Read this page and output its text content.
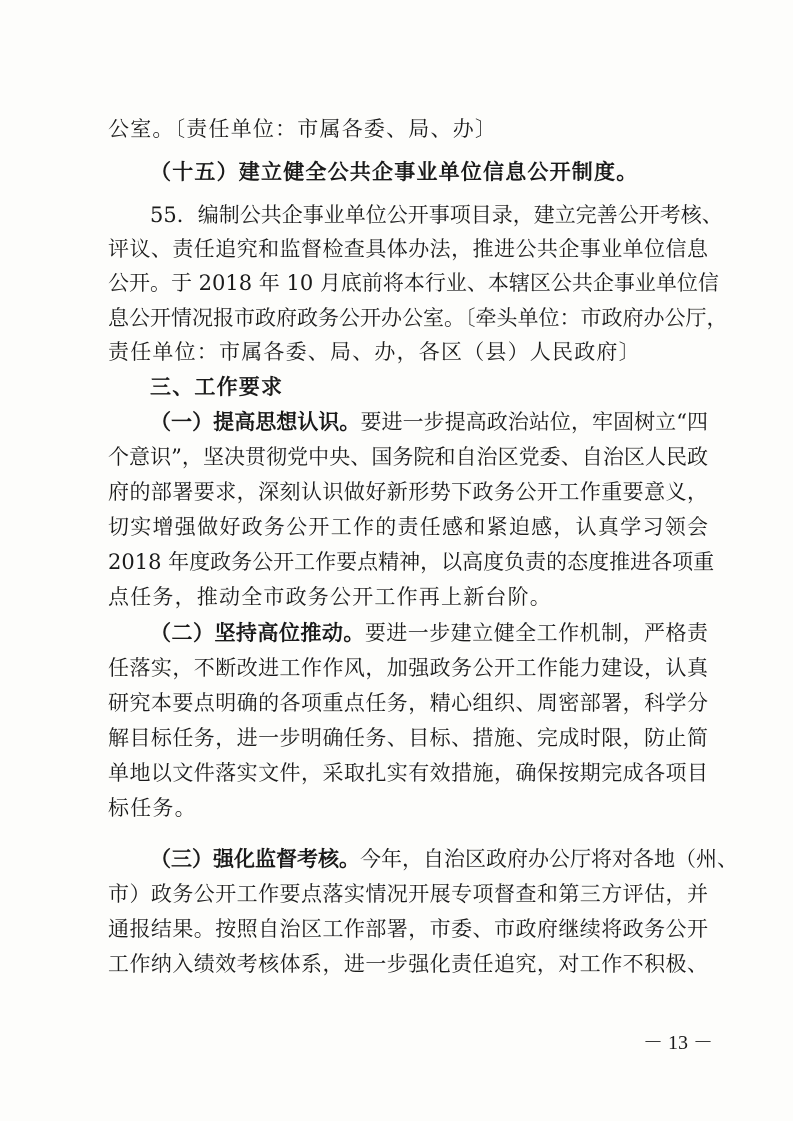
公室。〔责任单位：市属各委、局、办〕
（十五）建立健全公共企事业单位信息公开制度。
55．编制公共企事业单位公开事项目录，建立完善公开考核、
评议、责任追究和监督检查具体办法，推进公共企事业单位信息
公开。于 2018 年 10 月底前将本行业、本辖区公共企事业单位信
息公开情况报市政府政务公开办公室。〔牵头单位：市政府办公厅，
责任单位：市属各委、局、办，各区（县）人民政府〕
三、工作要求
（一）提高思想认识。要进一步提高政治站位，牢固树立“四
个意识”，坚决贯彻党中央、国务院和自治区党委、自治区人民政
府的部署要求，深刻认识做好新形势下政务公开工作重要意义，
切实增强做好政务公开工作的责任感和紧迫感，认真学习领会
2018 年度政务公开工作要点精神，以高度负责的态度推进各项重
点任务，推动全市政务公开工作再上新台阶。
（二）坚持高位推动。要进一步建立健全工作机制，严格责
任落实，不断改进工作作风，加强政务公开工作能力建设，认真
研究本要点明确的各项重点任务，精心组织、周密部署，科学分
解目标任务，进一步明确任务、目标、措施、完成时限，防止简
单地以文件落实文件，采取扎实有效措施，确保按期完成各项目
标任务。
（三）强化监督考核。今年，自治区政府办公厅将对各地（州、
市）政务公开工作要点落实情况开展专项督查和第三方评估，并
通报结果。按照自治区工作部署，市委、市政府继续将政务公开
工作纳入绩效考核体系，进一步强化责任追究，对工作不积极、
－ 13 －
